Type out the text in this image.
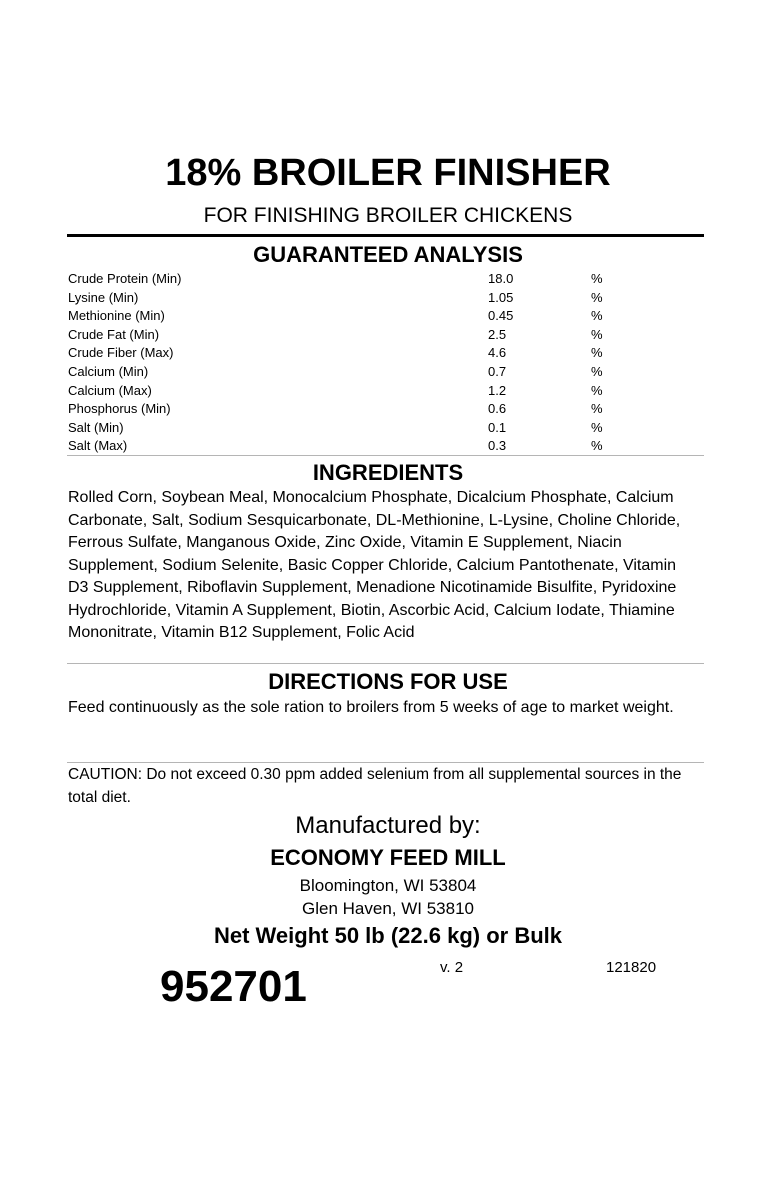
18% BROILER FINISHER
FOR FINISHING BROILER CHICKENS
GUARANTEED ANALYSIS
Crude Protein (Min)	18.0	%
Lysine (Min)	1.05	%
Methionine (Min)	0.45	%
Crude Fat (Min)	2.5	%
Crude Fiber (Max)	4.6	%
Calcium (Min)	0.7	%
Calcium (Max)	1.2	%
Phosphorus (Min)	0.6	%
Salt (Min)	0.1	%
Salt (Max)	0.3	%
INGREDIENTS
Rolled Corn, Soybean Meal, Monocalcium Phosphate, Dicalcium Phosphate, Calcium Carbonate, Salt, Sodium Sesquicarbonate, DL-Methionine, L-Lysine, Choline Chloride, Ferrous Sulfate, Manganous Oxide, Zinc Oxide, Vitamin E Supplement, Niacin Supplement, Sodium Selenite, Basic Copper Chloride, Calcium Pantothenate, Vitamin D3 Supplement, Riboflavin Supplement, Menadione Nicotinamide Bisulfite, Pyridoxine Hydrochloride, Vitamin A Supplement, Biotin, Ascorbic Acid, Calcium Iodate, Thiamine Mononitrate, Vitamin B12 Supplement, Folic Acid
DIRECTIONS FOR USE
Feed continuously as the sole ration to broilers from 5 weeks of age to market weight.
CAUTION: Do not exceed 0.30 ppm added selenium from all supplemental sources in the total diet.
Manufactured by:
ECONOMY FEED MILL
Bloomington, WI 53804
Glen Haven, WI 53810
Net Weight 50 lb (22.6 kg) or Bulk
952701	v. 2	121820
